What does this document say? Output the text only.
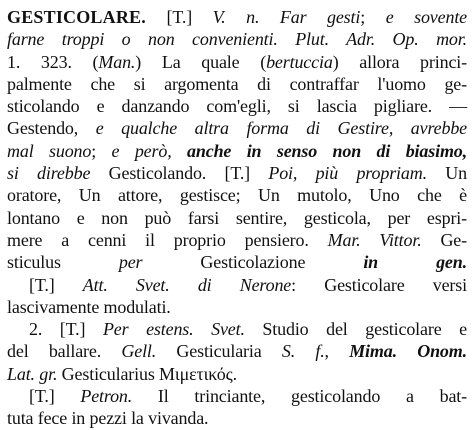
GESTICOLARE. [T.] V. n. Far gesti; e sovente
farne troppi o non convenienti. Plut. Adr. Op. mor.
1. 323. (Man.) La quale (bertuccia) allora princi-
palmente che si argomenta di contraffar l'uomo ge-
sticolando e danzando com'egli, si lascia pigliare. —
Gestendo, e qualche altra forma di Gestire, avrebbe
mal suono; e però, anche in senso non di biasimo,
si direbbe Gesticolando. [T.] Poi, più propriam. Un
oratore, Un attore, gestisce; Un mutolo, Uno che è
lontano e non può farsi sentire, gesticola, per espri-
mere a cenni il proprio pensiero. Mar. Vittor. Ge-
sticulus per Gesticolazione in gen.
[T.] Att. Svet. di Nerone: Gesticolare versi
lascivamente modulati.
2. [T.] Per estens. Svet. Studio del gesticolare e
del ballare. Gell. Gesticularia S. f., Mima. Onom.
Lat. gr. Gesticularius Μιμετικός.
[T.] Petron. Il trinciante, gesticolando a bat-
tuta fece in pezzi la vivanda.
